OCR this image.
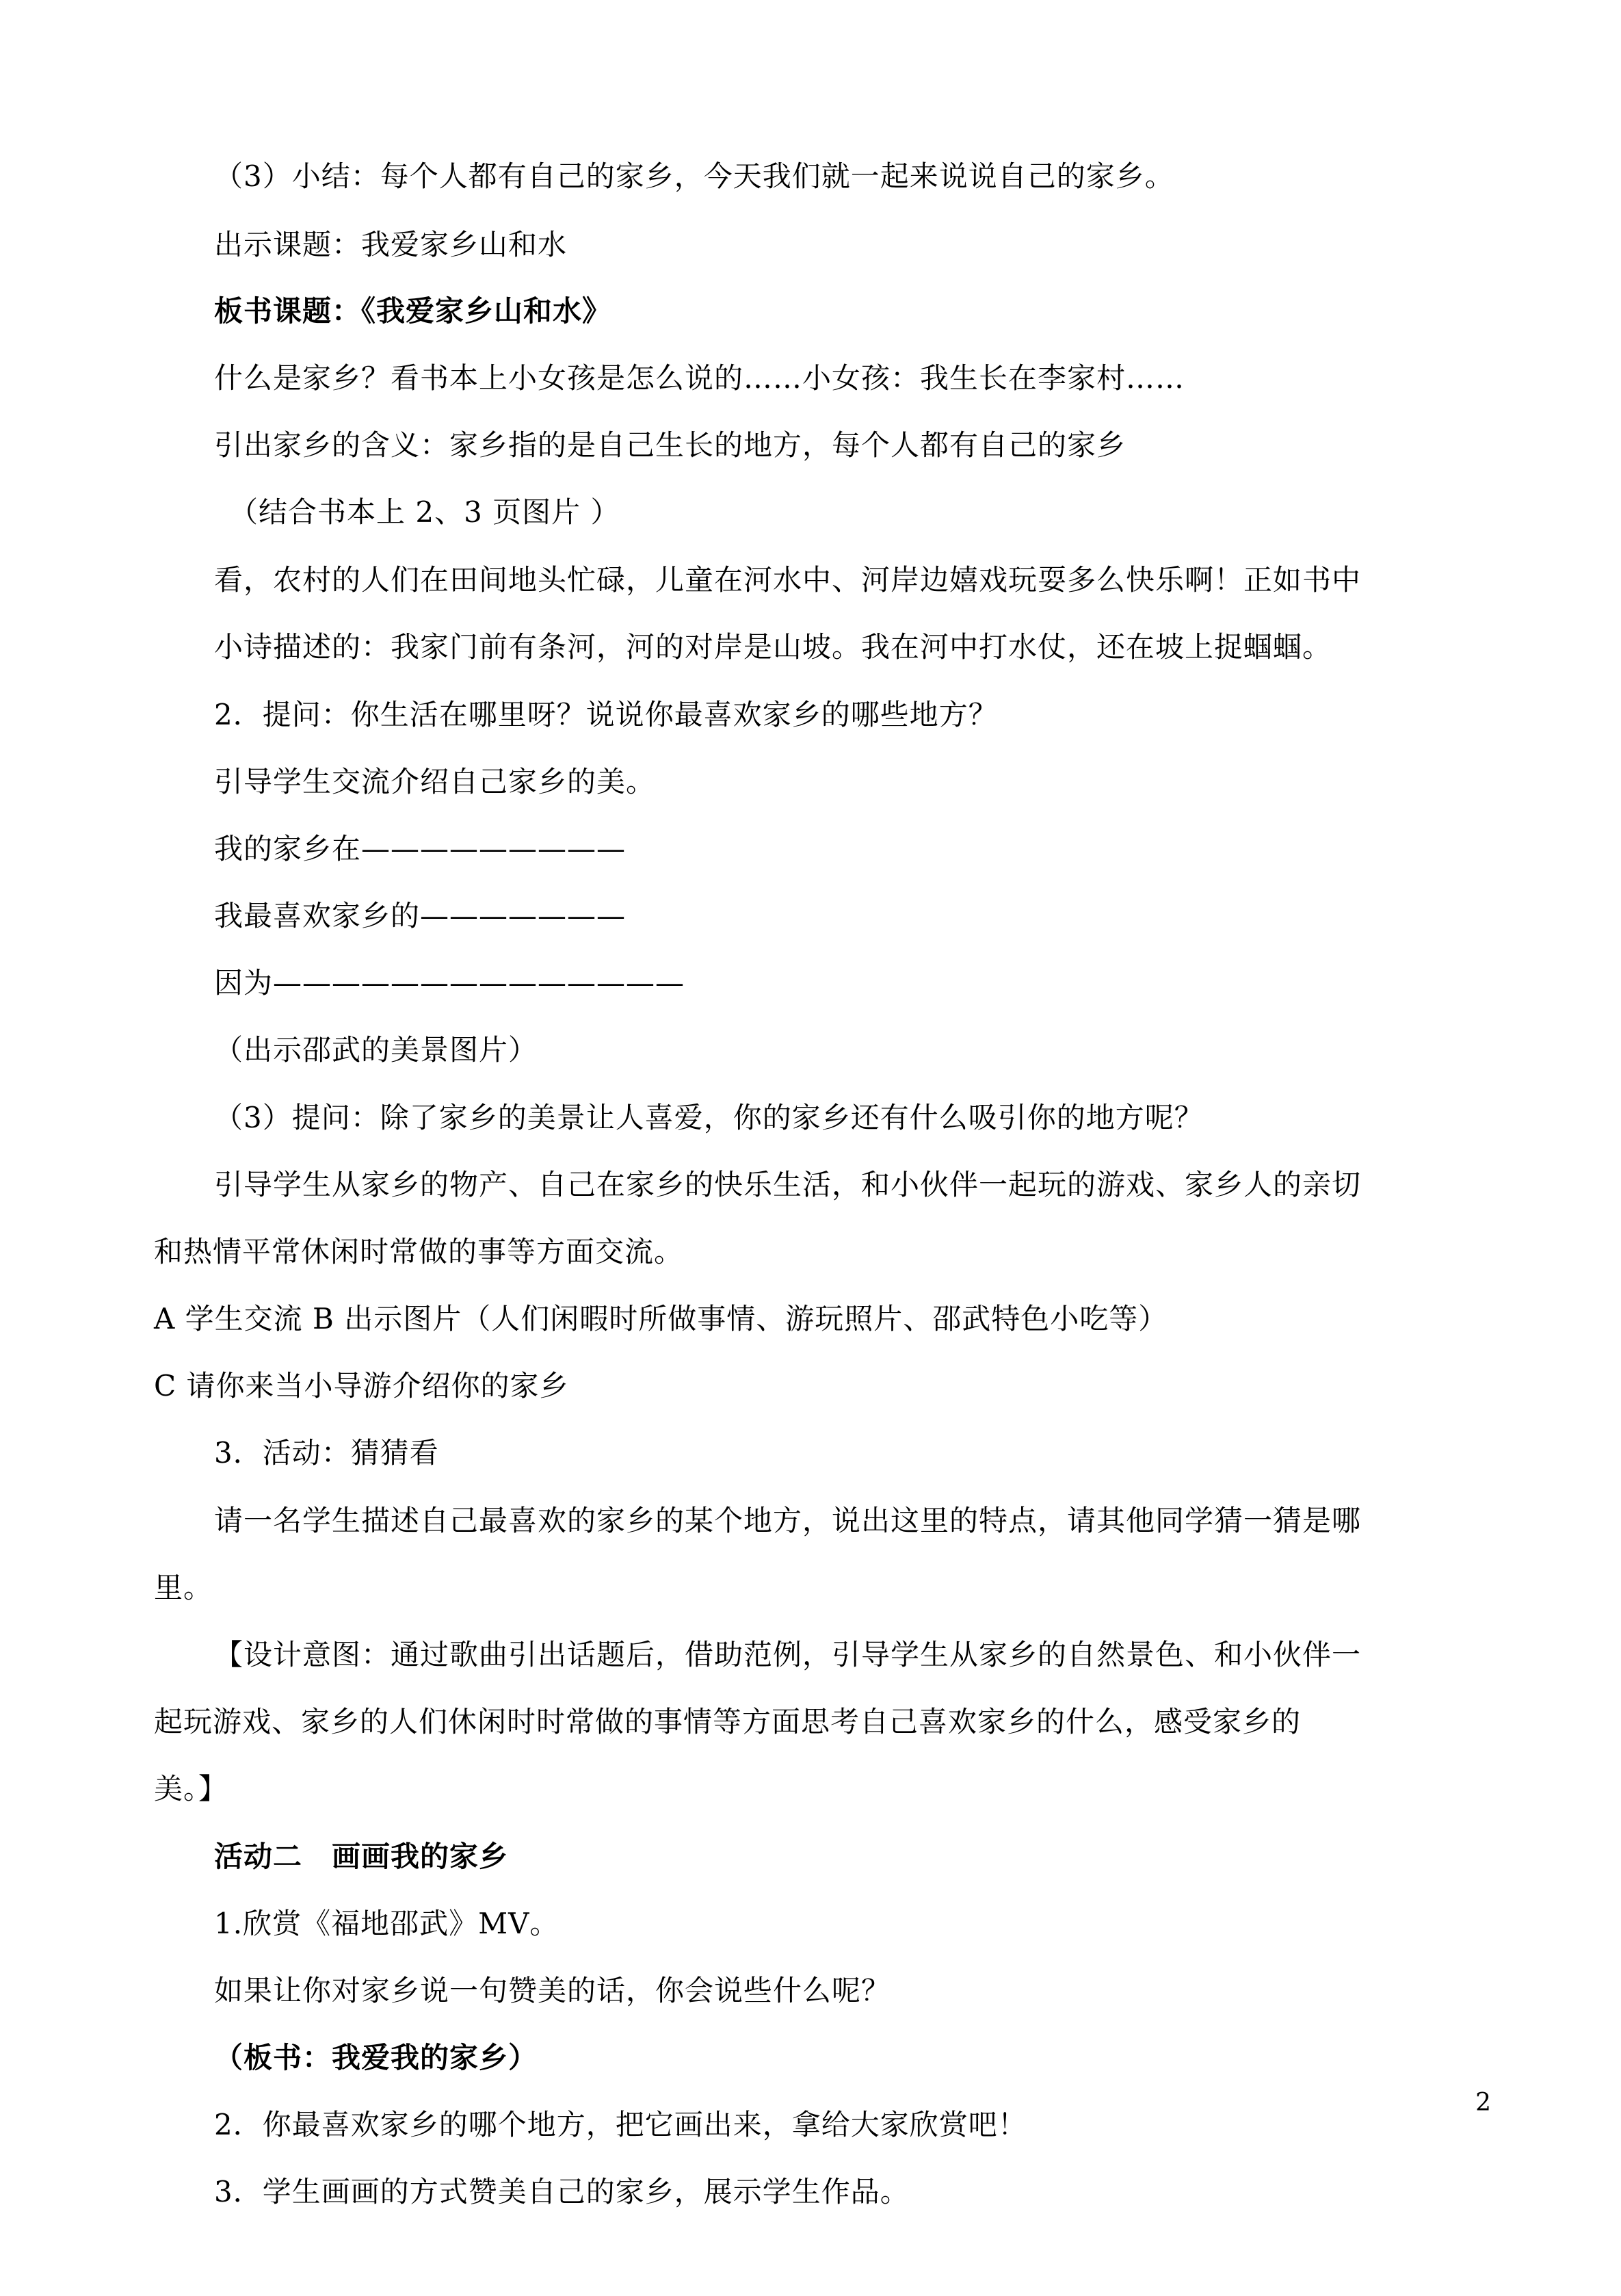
（3）小结：每个人都有自己的家乡，今天我们就一起来说说自己的家乡。
出示课题：我爱家乡山和水
板书课题：《我爱家乡山和水》
什么是家乡？看书本上小女孩是怎么说的……小女孩：我生长在李家村……
引出家乡的含义：家乡指的是自己生长的地方，每个人都有自己的家乡
（结合书本上 2、3 页图片 ）
看，农村的人们在田间地头忙碌，儿童在河水中、河岸边嬉戏玩耍多么快乐啊！正如书中
小诗描述的：我家门前有条河，河的对岸是山坡。我在河中打水仗，还在坡上捉蝈蝈。
2．提问：你生活在哪里呀？说说你最喜欢家乡的哪些地方？
引导学生交流介绍自己家乡的美。
我的家乡在—————————
我最喜欢家乡的———————
因为——————————————
（出示邵武的美景图片）
（3）提问：除了家乡的美景让人喜爱，你的家乡还有什么吸引你的地方呢？
引导学生从家乡的物产、自己在家乡的快乐生活，和小伙伴一起玩的游戏、家乡人的亲切
和热情平常休闲时常做的事等方面交流。
A 学生交流 B 出示图片（人们闲暇时所做事情、游玩照片、邵武特色小吃等）
C 请你来当小导游介绍你的家乡
3．活动：猜猜看
请一名学生描述自己最喜欢的家乡的某个地方，说出这里的特点，请其他同学猜一猜是哪
里。
【设计意图：通过歌曲引出话题后，借助范例，引导学生从家乡的自然景色、和小伙伴一
起玩游戏、家乡的人们休闲时时常做的事情等方面思考自己喜欢家乡的什么，感受家乡的
美。】
活动二　画画我的家乡
1.欣赏《福地邵武》MV。
如果让你对家乡说一句赞美的话，你会说些什么呢？
（板书：我爱我的家乡）
2．你最喜欢家乡的哪个地方，把它画出来，拿给大家欣赏吧！
3．学生画画的方式赞美自己的家乡，展示学生作品。
2
